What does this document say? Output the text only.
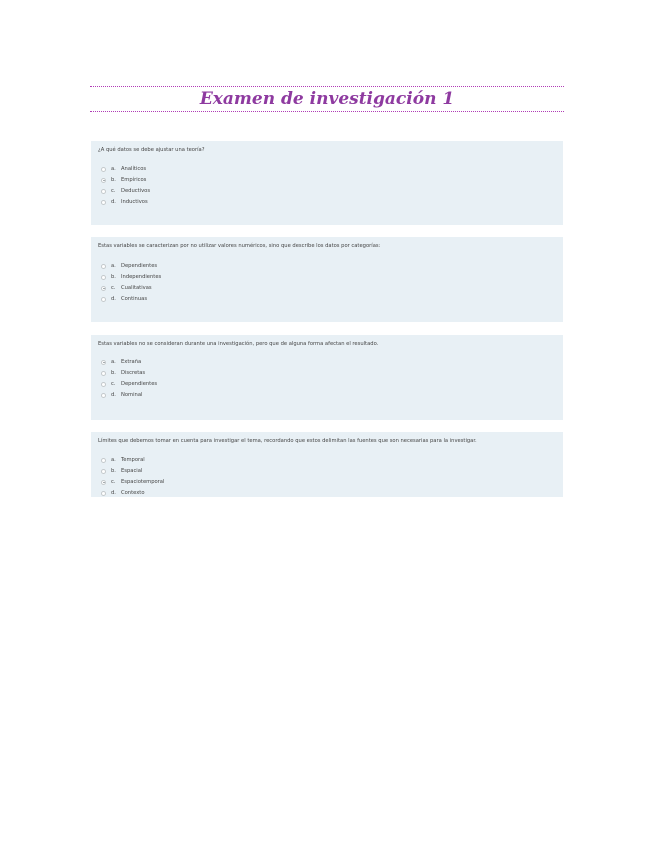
Examen de investigación 1
¿A qué datos se debe ajustar una teoría?
a. Analíticos
b. Empíricos
c.	Deductivos
d. Inductivos
Estas variables se caracterizan por no utilizar valores numéricos, sino que describe los datos por categorías:
a. Dependientes
b. Independientes
c.	Cualitativas
d. Continuas
Estas variables no se consideran durante una investigación, pero que de alguna forma afectan el resultado.
a. Extraña
b. Discretas
c.	Dependientes
d. Nominal
Límites que debemos tomar en cuenta para investigar el tema, recordando que estos delimitan las fuentes que son necesarias para la investigar.
a. Temporal
b. Espacial
c.	Espaciotemporal
d. Contexto
